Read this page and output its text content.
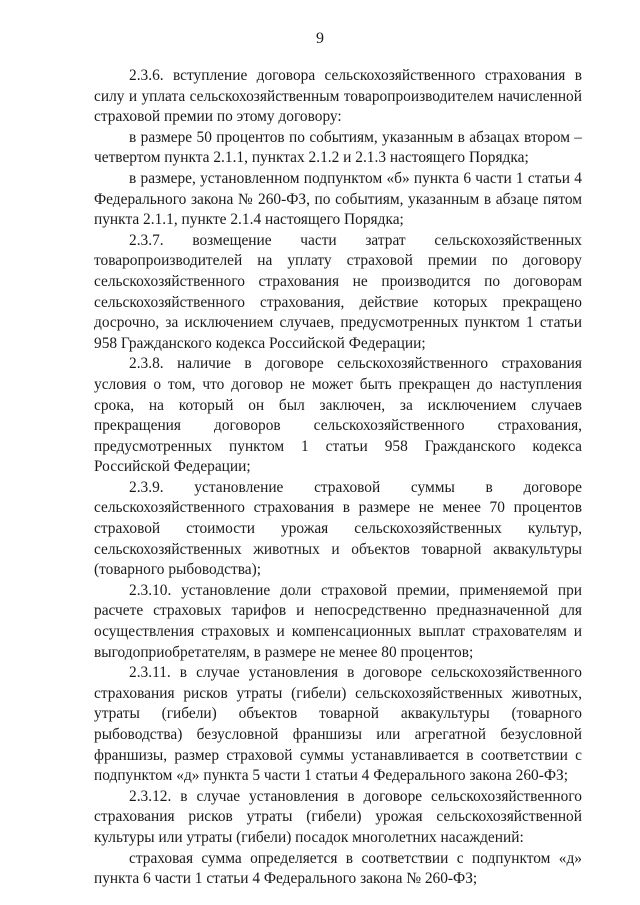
9

2.3.6. вступление договора сельскохозяйственного страхования в силу и уплата сельскохозяйственным товаропроизводителем начисленной страховой премии по этому договору:

в размере 50 процентов по событиям, указанным в абзацах втором – четвертом пункта 2.1.1, пунктах 2.1.2 и 2.1.3 настоящего Порядка;

в размере, установленном подпунктом «б» пункта 6 части 1 статьи 4 Федерального закона № 260-ФЗ, по событиям, указанным в абзаце пятом пункта 2.1.1, пункте 2.1.4 настоящего Порядка;

2.3.7. возмещение части затрат сельскохозяйственных товаропроизводителей на уплату страховой премии по договору сельскохозяйственного страхования не производится по договорам сельскохозяйственного страхования, действие которых прекращено досрочно, за исключением случаев, предусмотренных пунктом 1 статьи 958 Гражданского кодекса Российской Федерации;

2.3.8. наличие в договоре сельскохозяйственного страхования условия о том, что договор не может быть прекращен до наступления срока, на который он был заключен, за исключением случаев прекращения договоров сельскохозяйственного страхования, предусмотренных пунктом 1 статьи 958 Гражданского кодекса Российской Федерации;

2.3.9. установление страховой суммы в договоре сельскохозяйственного страхования в размере не менее 70 процентов страховой стоимости урожая сельскохозяйственных культур, сельскохозяйственных животных и объектов товарной аквакультуры (товарного рыбоводства);

2.3.10. установление доли страховой премии, применяемой при расчете страховых тарифов и непосредственно предназначенной для осуществления страховых и компенсационных выплат страхователям и выгодоприобретателям, в размере не менее 80 процентов;

2.3.11. в случае установления в договоре сельскохозяйственного страхования рисков утраты (гибели) сельскохозяйственных животных, утраты (гибели) объектов товарной аквакультуры (товарного рыбоводства) безусловной франшизы или агрегатной безусловной франшизы, размер страховой суммы устанавливается в соответствии с подпунктом «д» пункта 5 части 1 статьи 4 Федерального закона 260-ФЗ;

2.3.12. в случае установления в договоре сельскохозяйственного страхования рисков утраты (гибели) урожая сельскохозяйственной культуры или утраты (гибели) посадок многолетних насаждений:

страховая сумма определяется в соответствии с подпунктом «д» пункта 6 части 1 статьи 4 Федерального закона № 260-ФЗ;
